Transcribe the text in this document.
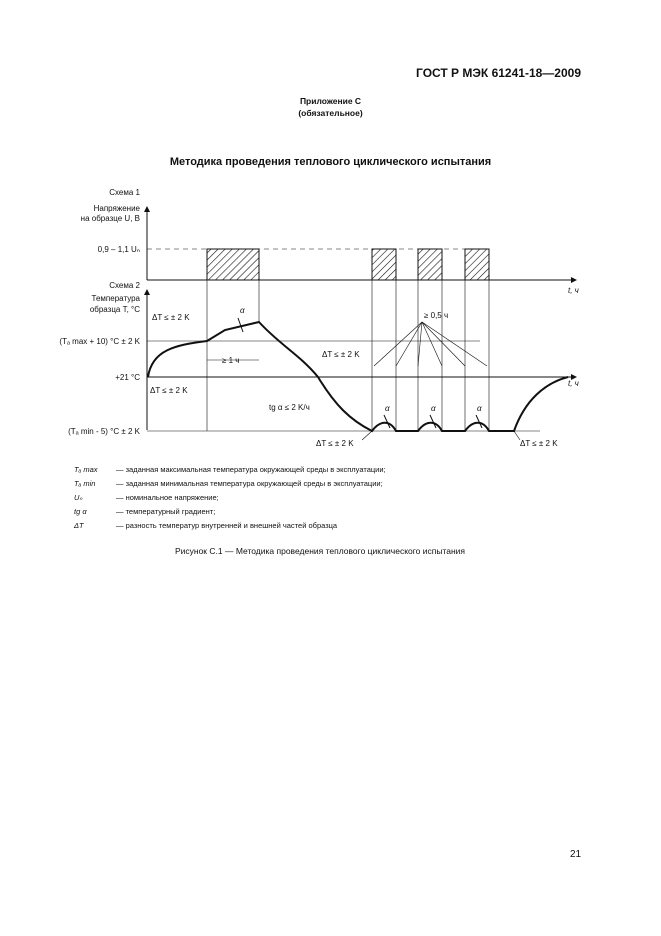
ГОСТ Р МЭК 61241-18—2009
Приложение С
(обязательное)
Методика проведения теплового циклического испытания
Схема 1
Напряжение
на образце U, В
0,9 – 1,1 Uₙ
t, ч
Схема 2
Температура
образца T, °C
(Tₐ max + 10) °C ± 2 K
+21 °C
(Tₐ min - 5) °C ± 2 K
t, ч
ΔT ≤ ± 2 K
α
≥ 1 ч
ΔT ≤ ± 2 K
ΔT ≤ ± 2 K
≥ 0,5 ч
tg α ≤ 2 K/ч	α	α	α
ΔT ≤ ± 2 K	ΔT ≤ ± 2 K
Tₐ max — заданная максимальная температура окружающей среды в эксплуатации;
Tₐ min	— заданная минимальная температура окружающей среды в эксплуатации;
Uₙ	— номинальное напряжение;
tg α	— температурный градиент;
ΔT	— разность температур внутренней и внешней частей образца
Рисунок С.1 — Методика проведения теплового циклического испытания
21
